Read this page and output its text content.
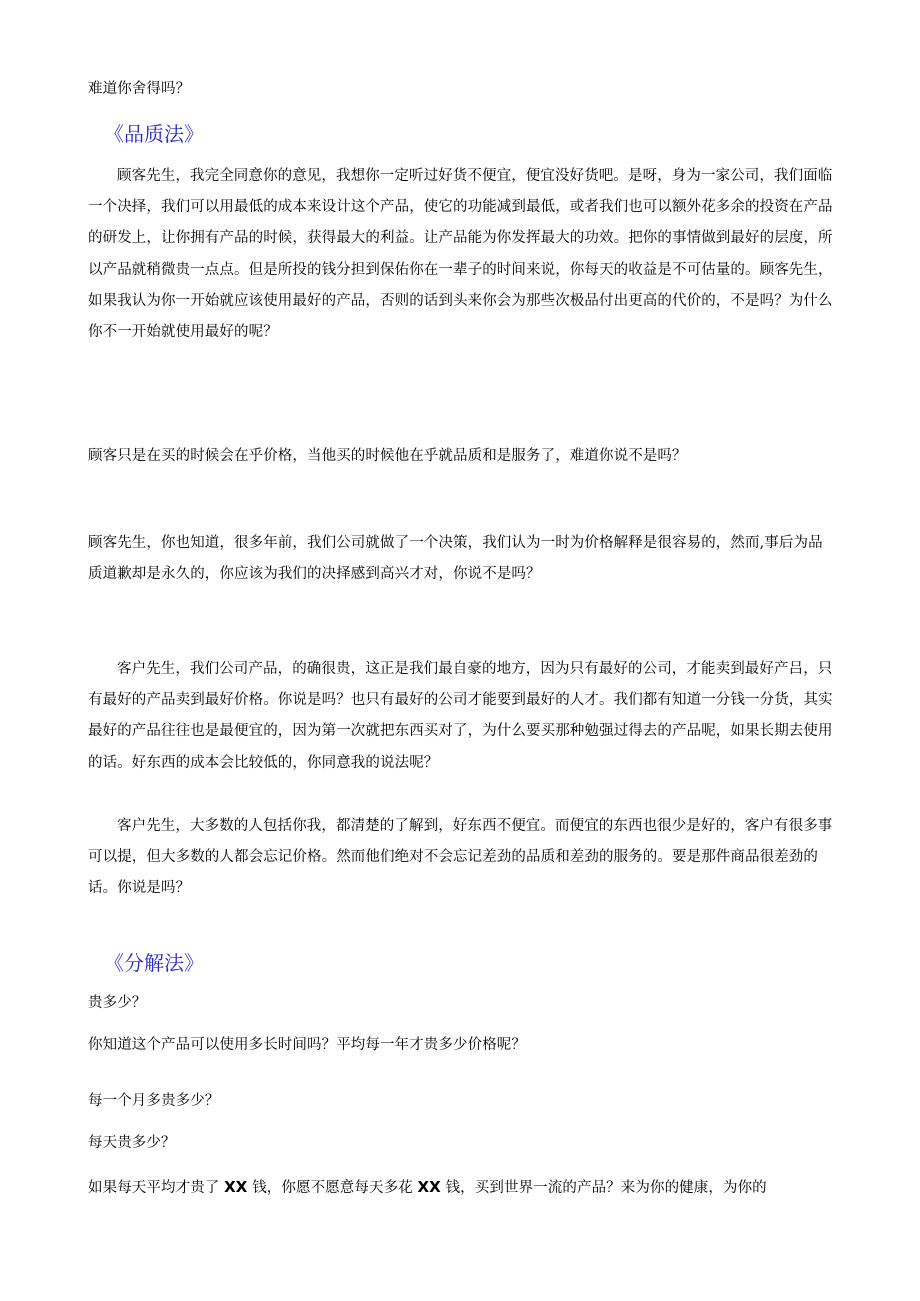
难道你舍得吗？

《品质法》

顾客先生，我完全同意你的意见，我想你一定听过好货不便宜，便宜没好货吧。是呀，身为一家公司，我们面临一个决择，我们可以用最低的成本来设计这个产品，使它的功能减到最低，或者我们也可以额外花多余的投资在产品的研发上，让你拥有产品的时候，获得最大的利益。让产品能为你发挥最大的功效。把你的事情做到最好的层度，所以产品就稍微贵一点点。但是所投的钱分担到保佑你在一辈子的时间来说，你每天的收益是不可估量的。顾客先生，如果我认为你一开始就应该使用最好的产品，否则的话到头来你会为那些次极品付出更高的代价的，不是吗？为什么你不一开始就使用最好的呢？

顾客只是在买的时候会在乎价格，当他买的时候他在乎就品质和是服务了，难道你说不是吗？

顾客先生，你也知道，很多年前，我们公司就做了一个决策，我们认为一时为价格解释是很容易的，然而,事后为品质道歉却是永久的，你应该为我们的决择感到高兴才对，你说不是吗？

客户先生，我们公司产品，的确很贵，这正是我们最自豪的地方，因为只有最好的公司，才能卖到最好产吕，只有最好的产品卖到最好价格。你说是吗？也只有最好的公司才能要到最好的人才。我们都有知道一分钱一分货，其实最好的产品往往也是最便宜的，因为第一次就把东西买对了，为什么要买那种勉强过得去的产品呢，如果长期去使用的话。好东西的成本会比较低的，你同意我的说法呢？

客户先生，大多数的人包括你我，都清楚的了解到，好东西不便宜。而便宜的东西也很少是好的，客户有很多事可以提，但大多数的人都会忘记价格。然而他们绝对不会忘记差劲的品质和差劲的服务的。要是那件商品很差劲的话。你说是吗？

《分解法》

贵多少？

你知道这个产品可以使用多长时间吗？平均每一年才贵多少价格呢？

每一个月多贵多少？

每天贵多少？

如果每天平均才贵了 XX 钱，你愿不愿意每天多花 XX 钱，买到世界一流的产品？来为你的健康，为你的
